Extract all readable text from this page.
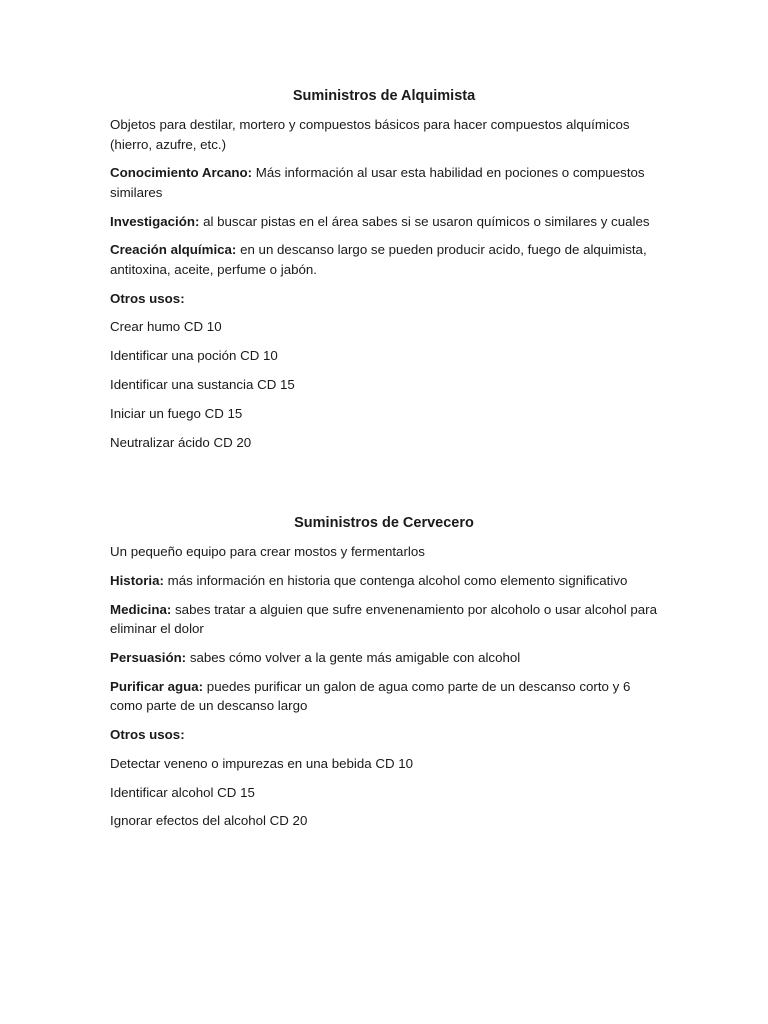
Suministros de Alquimista

Objetos para destilar, mortero y compuestos básicos para hacer compuestos alquímicos (hierro, azufre, etc.)

Conocimiento Arcano: Más información al usar esta habilidad en pociones o compuestos similares

Investigación: al buscar pistas en el área sabes si se usaron químicos o similares y cuales

Creación alquímica: en un descanso largo se pueden producir acido, fuego de alquimista, antitoxina, aceite, perfume o jabón.

Otros usos:

Crear humo CD 10

Identificar una poción CD 10

Identificar una sustancia CD 15

Iniciar un fuego CD 15

Neutralizar ácido CD 20

Suministros de Cervecero

Un pequeño equipo para crear mostos y fermentarlos

Historia: más información en historia que contenga alcohol como elemento significativo

Medicina: sabes tratar a alguien que sufre envenenamiento por alcoholo o usar alcohol para eliminar el dolor

Persuasión: sabes cómo volver a la gente más amigable con alcohol

Purificar agua: puedes purificar un galon de agua como parte de un descanso corto y 6 como parte de un descanso largo

Otros usos:

Detectar veneno o impurezas en una bebida CD 10

Identificar alcohol CD 15

Ignorar efectos del alcohol CD 20
